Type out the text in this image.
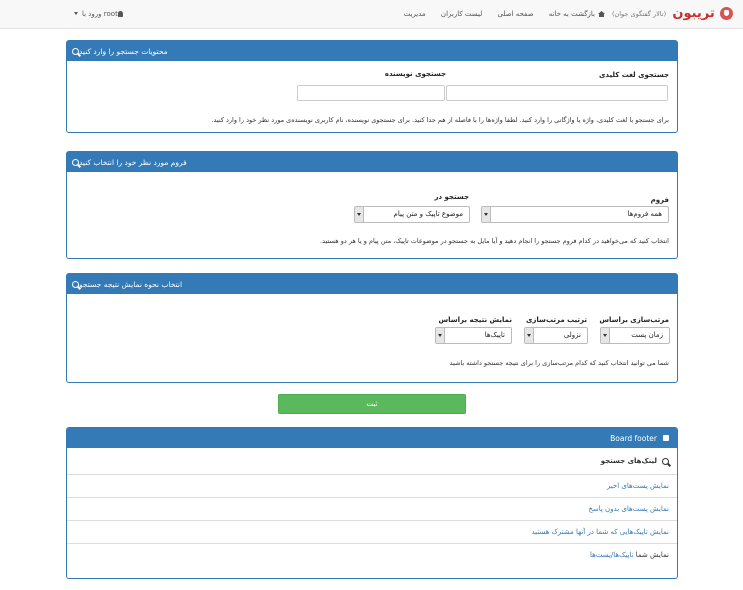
تریبون (تالار گفتگوی جوان)
بازگشت به خانه صفحه اصلی لیست کاربران مدیریت
ورود با root
محتویات جستجو را وارد کنید
جستجوی لغت کلیدی
جستجوی نویسنده
برای جستجو با لغت کلیدی، واژه یا واژگانی را وارد کنید. لطفا واژه‌ها را با فاصله از هم جدا کنید. برای جستجوی نویسنده، نام کاربری نویسنده‌ی مورد نظر خود را وارد کنید.
فروم مورد نظر خود را انتخاب کنید
فروم
جستجو در
همه فروم‌ها
موضوع تاپیک و متن پیام
انتخاب کنید که می‌خواهید در کدام فروم جستجو را انجام دهید و آیا مایل به جستجو در موضوعات تاپیک، متن پیام و یا هر دو هستید.
انتخاب نحوه نمایش نتیجه جستجو
مرتب‌سازی براساس
ترتیب مرتب‌سازی
نمایش نتیجه براساس
زمان پست
نزولی
تاپیک‌ها
شما می توانید انتخاب کنید که کدام مرتب‌سازی را برای نتیجه جستجو داشته باشید
ثبت
Board footer
لینک‌های جستجو
نمایش پست‌های اخیر
نمایش پست‌های بدون پاسخ
نمایش تاپیک‌هایی که شما در آنها مشترک هستید
نمایش شما

تاپیک‌ها/پست‌ها
